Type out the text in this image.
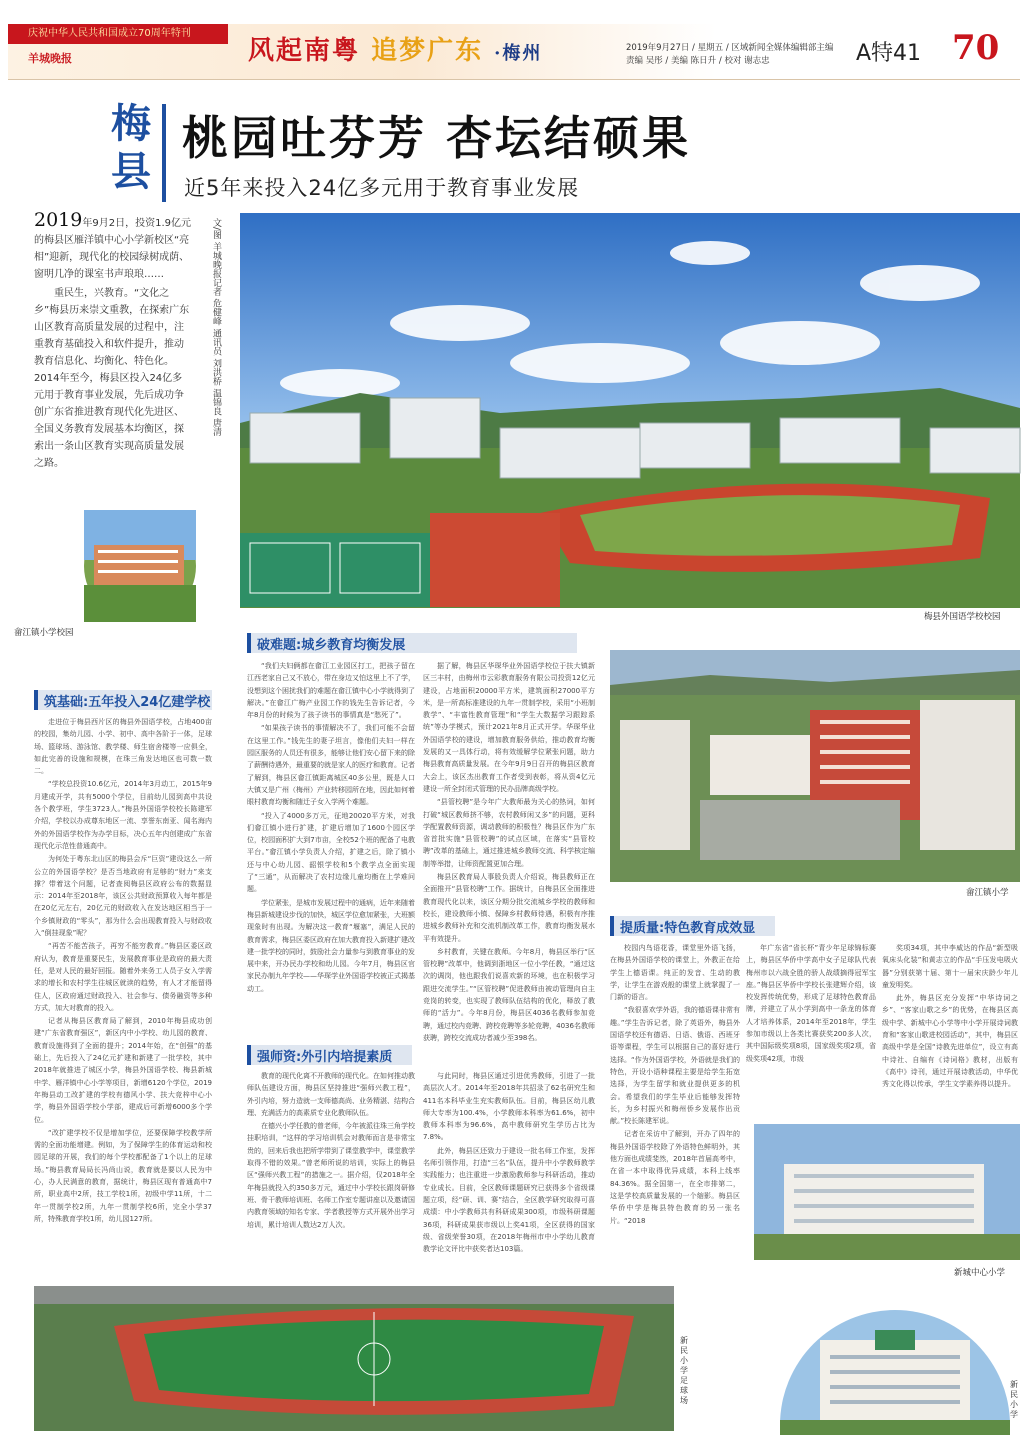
庆祝中华人民共和国成立70周年特刊
羊城晚报	风起南粤 追梦广东 ·梅州	2019年9月27日 / 星期五 / 区域新闻全媒体编辑部主编
责编 吴彤 / 美编 陈日升 / 校对 谢志忠	A特41 70
梅县
桃园吐芬芳 杏坛结硕果
近5年来投入24亿多元用于教育事业发展

2019年9月2日，投资1.9亿元的梅县区雁洋镇中心小学新校区“亮相”迎新，现代化的校园绿树成荫、窗明几净的课室书声琅琅……

重民生，兴教育。“文化之乡”梅县历来崇文重教，在探索广东山区教育高质量发展的过程中，注重教育基础投入和软件提升，推动教育信息化、均衡化、特色化。2014年至今，梅县区投入24亿多元用于教育事业发展，先后成功争创广东省推进教育现代化先进区、全国义务教育发展基本均衡区，探索出一条山区教育实现高质量发展之路。

文/图 羊城晚报记者 危健峰 通讯员 刘洪桥 温锦良 唐清
梅县外国语学校校园
畲江镇小学校园
筑基础: 五年投入24亿建学校

走进位于梅县西片区的梅县外国语学校，占地400亩的校园，集幼儿园、小学、初中、高中各阶于一体，足球场、篮球场、游泳馆、教学楼、师生宿舍楼等一应俱全，如此完善的设施和规模，在珠三角发达地区也可数一数二。

“学校总投资10.6亿元，2014年3月动工，2015年9月建成开学，共有5000个学位，目前幼儿园到高中共设各个教学班，学生3723人。”梅县外国语学校校长陈建军介绍，学校以办成尊东地区一流、享誉东南亚、闻名海内外的外国语学校作为办学目标，决心五年内创建成广东省现代化示范性普通高中。

为何处于粤东北山区的梅县会斥“巨资”建设这么一所公立的外国语学校？是否当地政府有足够的“财力”来支撑？带着这个问题，记者查阅梅县区政府公布的数据显示：2014年至2018年，该区公共财政预算收入每年都是在20亿元左右，20亿元的财政收入在发达地区相当于一个乡镇财政的“零头”，那为什么会出现教育投入与财政收入“倒挂现象”呢？

“再苦不能苦孩子，再穷不能穷教育。”梅县区委区政府认为，教育是重要民生，发展教育事业是政府的最大责任，是对人民的最好回报。随着外来务工人员子女入学需求的增长和农村学生往城区就读的趋势，有人才才能留得住人，区政府通过财政投入、社会参与、债务融资等多种方式，加大对教育的投入。

记者从梅县区教育局了解到，2010年梅县成功创建“广东省教育强区”，新区内中小学校、幼儿园的教育、教育设施得到了全面的提升；2014年始，在“创强”的基础上，先后投入了24亿元扩建和新建了一批学校，其中2018年就推进了城区小学，梅县外国语学校、梅县新城中学、雁洋镇中心小学等项目，新增6120个学位，2019年梅县动工改扩建的学校有德风小学、扶大竞梓中心小学，梅县外国语学校小学部，建成后可新增6000多个学位。

“改扩建学校不仅是增加学位，还要保障学校教学所需的全面功能增建。例如，为了保障学生的体育运动和校园足球的开展，我们的每个学校都配备了1个以上的足球场。”梅县教育局局长冯尚山说，教育就是要以人民为中心，办人民满意的教育，据统计，梅县区现有普通高中7所，职业高中2所，技工学校1所，初级中学11所，十二年一贯制学校2所，九年一贯制学校6所，完全小学37所，特殊教育学校1所，幼儿园127所。

破难题: 城乡教育均衡发展

“我们夫妇俩都在畲江工业园区打工，把孩子留在江西老家自己又不放心，带在身边又怕这里上不了学，没想到这个困扰我们的难题在畲江镇中心小学就得到了解决。”在畲江广梅产业园工作的钱先生告诉记者，今年8月份的时候为了孩子读书的事情真是“愁死了”。

“如果孩子读书的事情解决不了，我们可能不会留在这里工作。”钱先生的妻子坦言，像他们夫妇一样在园区服务的人员还有很多，能够让他们安心留下来的除了薪酬待遇外，最重要的就是家人的医疗和教育。记者了解到，梅县区畲江镇距离城区40多公里，既是人口大镇又是广州（梅州）产业转移园所在地，因此如何着眼村教育均衡和随迁子女入学两个难题。

“投入了4000多万元，征地20020平方米，对我们畲江镇小进行扩建，扩建后增加了1600个园区学位，校园面积扩大到7市亩，全校52个班的配备了电教平台。”畲江镇小学负责人介绍，扩建之后，除了镇小还与中心幼儿园、韶银学校和5个教学点全面实现了“三通”，从而解决了农村边缘儿童均衡在上学难问题。

学位紧张，是城市发展过程中的通病，近年来随着梅县新城建设步伐的加快，城区学位愈加紧张，大班额现象时有出现。为解决这一教育“堰塞”，满足人民的教育需求，梅县区委区政府在加大教育投入新建扩建改建一批学校的同时，鼓励社会力量参与到教育事业的发展中来，开办民办学校和幼儿园。今年7月，梅县区官家民办制九年学校——华琛学业外国语学校被正式揭基动工。

据了解，梅县区华琛华业外国语学校位于扶大镇新区三丰村，由梅州市云彩教育服务有限公司投资12亿元建设，占地面积20000平方米，建筑面积27000平方米，是一所高标准建设的九年一贯制学校，采用“小班制教学”、“丰富性教育管理”和“学生大数据学习跟踪系统”等办学模式，预计2021年8月正式开学。华琛华业外国语学校的建设，增加教育服务供给，推动教育均衡发展的又一具体行动，将有效缓解学位紧张问题，助力梅县教育高质量发展。在今年9月9日召开的梅县区教育大会上，该区杰出教育工作者受到表彰，将从资4亿元建设一所全封闭式管理的民办品牌高级学校。

“县管校聘”是今年广大教师最为关心的热词，如何打破“城区教师挤不够，农村教师闲又多”的问题，更科学配置教师资源，调动教师的积极性？梅县区作为广东省首批实施“县管校聘”的试点区域，在落实“县管校聘”改革的基础上，通过推进城乡教师交流、科学核定编制等举措，让师资配置更加合理。

梅县区教育局人事股负责人介绍说，梅县教师正在全面推开“县管校聘”工作。据统计，自梅县区全面推进教育现代化以来，该区分期分批交流城乡学校的教师和校长，建设教师小镇、保障乡村教师待遇，积极有序推进城乡教师补充和交流机制改革工作，教育均衡发展水平有效提升。

乡村教育，关键在教师。今年8月，梅县区举行“区管校聘”改革中，他调到浙地区一位小学任教，“通过这次的调岗，他也跟我们说喜欢新的环境，也在积极学习跟进交流学生。”“区管校聘”促进教师由被动管理向自主竞岗的转变，也实现了教师队伍结构的优化，释放了教师的“活力”。今年8月份，梅县区4036名教师参加竞聘，通过校内竞聘、跨校竞聘等多轮竞聘，4036名教师获聘，跨校交流成功者减少至398名。

强师资: 外引内培提素质

教育的现代化离不开教师的现代化。在如何推动教师队伍建设方面，梅县区坚持推进“强师兴教工程”，外引内培，努力造就一支师德高尚、业务精湛、结构合理、充满活力的高素质专业化教师队伍。

在德兴小学任教的曾老师，今年被派往珠三角学校挂职培训，“这样的学习培训机会对教师而言是非常宝贵的，回来后我也把所学带到了课堂教学中，课堂教学取得不错的效果。”曾老师所说的培训，实际上的梅县区“强师兴教工程”的措施之一。据介绍，仅2018年全年梅县就投入约350多万元，通过中小学校长跟岗研修班、骨干教师培训班、名师工作室专题讲座以及邀请国内教育领域的知名专家、学者教授等方式开展外出学习培训，累计培训人数达2万人次。

与此同时，梅县区通过引进优秀教师，引进了一批高层次人才。2014年至2018年共招录了62名研究生和411名本科毕业生充实教师队伍。目前，梅县区幼儿教师大专率为100.4%，小学教师本科率为61.6%，初中教师本科率为96.6%，高中教师研究生学历占比为7.8%。

此外，梅县区还致力于建设一批名师工作室，发挥名师引领作用，打造“三名”队伍，提升中小学教师教学实践能力；也注重进一步激励教师参与科研活动，推动专业成长。目前，全区教师课题研究已获得多个省级课题立项，经“研、训、赛”结合，全区教学研究取得可喜成绩：中小学教师共有科研成果300项，市级科研课题36项，科研成果获市级以上奖41项，全区获得的国家级、省级荣誉30项，在2018年梅州市中小学幼儿教育教学论文评比中获奖者达103篇。

畲江镇小学
提质量: 特色教育成效显

校园内鸟语花香，课堂里外语飞扬，在梅县外国语学校的课堂上，外教正在给学生上德语课。纯正的发音、生动的教学，让学生在游戏般的课堂上就掌握了一门新的语言。

“我很喜欢学外语，我的德语课非常有趣。”学生告诉记者，除了英语外，梅县外国语学校还有德语、日语、俄语、西班牙语等课程，学生可以根据自己的喜好进行选择。“作为外国语学校，外语就是我们的特色，开设小语种课程主要是给学生拓宽选择，为学生留学和就业提供更多的机会。希望我们的学生毕业后能够发挥特长，为乡村振兴和梅州侨乡发展作出贡献。”校长陈建军说。

记者在采访中了解到，开办了四年的梅县外国语学校除了外语特色鲜明外，其他方面也成绩斐然，2018年首届高考中，在省一本中取得优异成绩，本科上线率84.36%。据全国第一，在全市排第二，这是学校高质量发展的一个缩影。梅县区华侨中学是梅县特色教育的另一张名片。“2018

年广东省“省长杯”青少年足球锦标赛上，梅县区华侨中学高中女子足球队代表梅州市以六战全胜的骄人战绩摘得冠军宝座。”梅县区华侨中学校长张建辉介绍，该校发挥传统优势，形成了足球特色教育品牌，并建立了从小学到高中一条龙的体育人才培养体系，2014年至2018年，学生参加市级以上各类比赛获奖200多人次，其中国际级奖项8项，国家级奖项2项，省级奖项42项，市级

奖项34项，其中李威达的作品“新型吸氧床头化装”和黄志立的作品“手压发电吸火器”分别获第十届、第十一届宋庆龄少年儿童发明奖。

此外，梅县区充分发挥“中华诗词之乡”、“客家山歌之乡”的优势，在梅县区高级中学、新城中心小学等中小学开展诗词教育和“客家山歌进校园活动”，其中，梅县区高级中学是全国“诗教先进单位”，设立有高中诗社、自编有《诗词格》教材，出版有《高中》诗刊，通过开展诗教活动，中华优秀文化得以传承，学生文学素养得以提升。

新城中心小学
新民小学足球场
新民小学
